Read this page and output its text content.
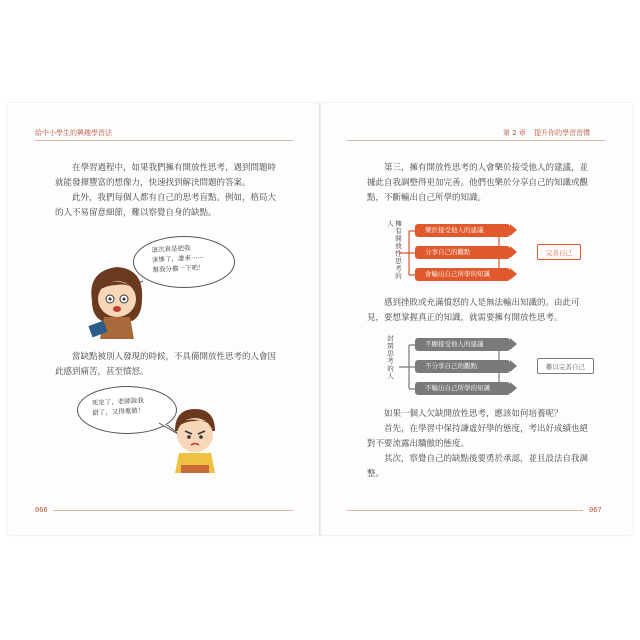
給中小學生的興趣學習法
在學習過程中，如果我們擁有開放性思考，遇到問題時就能發揮豐富的想像力，快速找到解決問題的答案。
此外，我們每個人都有自己的思考盲點。例如，格局大的人不易留意細節，難以察覺自身的缺點。
這次真是把我
害慘了，誰來⋯⋯
幫我分擔一下吧！
當缺點被別人發現的時候，不具備開放性思考的人會因此感到痛苦，甚至憤怒。
死定了，老師說我
錯了，又得重做！
066
第 2 章 提升你的學習習慣
第三，擁有開放性思考的人會樂於接受他人的建議，並據此自我調整得更加完善。他們也樂於分享自己的知識或觀點，不斷輸出自己所學的知識。
擁有開放性思考的人
樂於接受他人的建議
分享自己的觀點
會輸出自己所學的知識
完善自己
感到挫敗或充滿憤怒的人是無法輸出知識的。由此可見，要想掌握真正的知識，就需要擁有開放性思考。
封閉思考的人	不願接受他人的建議
不分享自己的觀點
不輸出自己所學的知識
難以完善自己
如果一個人欠缺開放性思考，應該如何培養呢？
首先，在學習中保持謙虛好學的態度，考出好成績也絕對不要流露出驕傲的態度。
其次，察覺自己的缺點後要勇於承認，並且設法自我調整。
067
